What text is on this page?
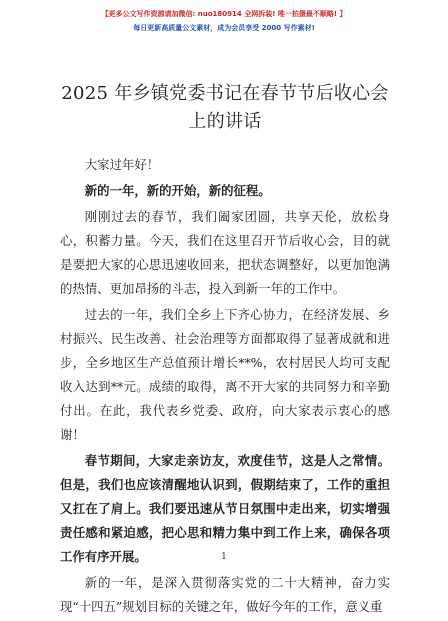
【更多公文写作资源请加微信: nuo180914 全网拆装! 唯一拍摄最不顺略! 】
每日更新高质量公文素材，成为会员享受 2000 写作素材!
2025 年乡镇党委书记在春节节后收心会上的讲话

大家过年好！

新的一年，新的开始，新的征程。

刚刚过去的春节，我们阖家团圆，共享天伦，放松身心，积蓄力量。今天，我们在这里召开节后收心会，目的就是要把大家的心思迅速收回来，把状态调整好，以更加饱满的热情、更加昂扬的斗志，投入到新一年的工作中。

过去的一年，我们全乡上下齐心协力，在经济发展、乡村振兴、民生改善、社会治理等方面都取得了显著成就和进步，全乡地区生产总值预计增长**%，农村居民人均可支配收入达到**元。成绩的取得，离不开大家的共同努力和辛勤付出。在此，我代表乡党委、政府，向大家表示衷心的感谢！

春节期间，大家走亲访友，欢度佳节，这是人之常情。但是，我们也应该清醒地认识到，假期结束了，工作的重担又扛在了肩上。我们要迅速从节日氛围中走出来，切实增强责任感和紧迫感，把心思和精力集中到工作上来，确保各项工作有序开展。

新的一年，是深入贯彻落实党的二十大精神，奋力实现“十四五”规划目标的关键之年，做好今年的工作，意义重

1
